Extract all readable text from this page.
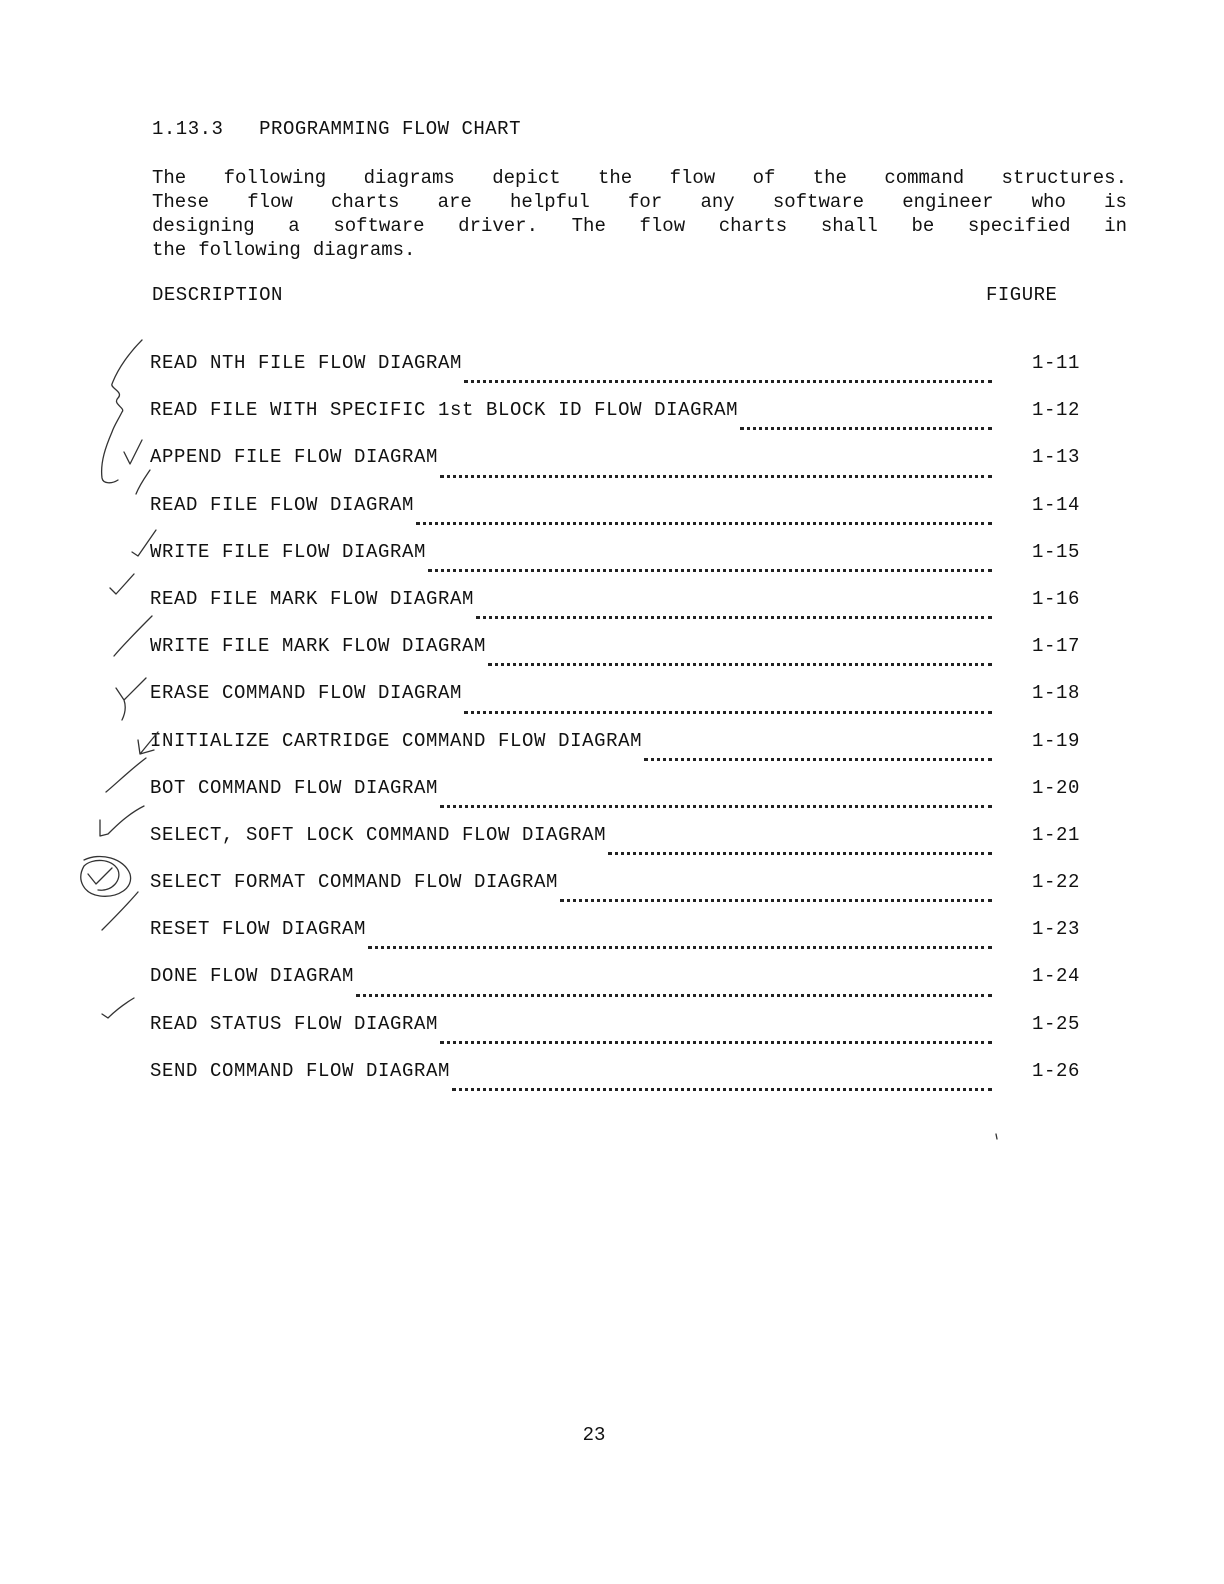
1.13.3 PROGRAMMING FLOW CHART
The following diagrams depict the flow of the command structures.
These flow charts are helpful for any software engineer who is
designing a software driver. The flow charts shall be specified in
the following diagrams.
DESCRIPTION	FIGURE
READ NTH FILE FLOW DIAGRAM	1-11
READ FILE WITH SPECIFIC 1st BLOCK ID FLOW DIAGRAM	1-12
APPEND FILE FLOW DIAGRAM	1-13
READ FILE FLOW DIAGRAM	1-14
WRITE FILE FLOW DIAGRAM	1-15
READ FILE MARK FLOW DIAGRAM	1-16
WRITE FILE MARK FLOW DIAGRAM	1-17
ERASE COMMAND FLOW DIAGRAM	1-18
INITIALIZE CARTRIDGE COMMAND FLOW DIAGRAM	1-19
BOT COMMAND FLOW DIAGRAM	1-20
SELECT, SOFT LOCK COMMAND FLOW DIAGRAM	1-21
SELECT FORMAT COMMAND FLOW DIAGRAM	1-22
RESET FLOW DIAGRAM	1-23
DONE FLOW DIAGRAM	1-24
READ STATUS FLOW DIAGRAM	1-25
SEND COMMAND FLOW DIAGRAM	1-26
23
